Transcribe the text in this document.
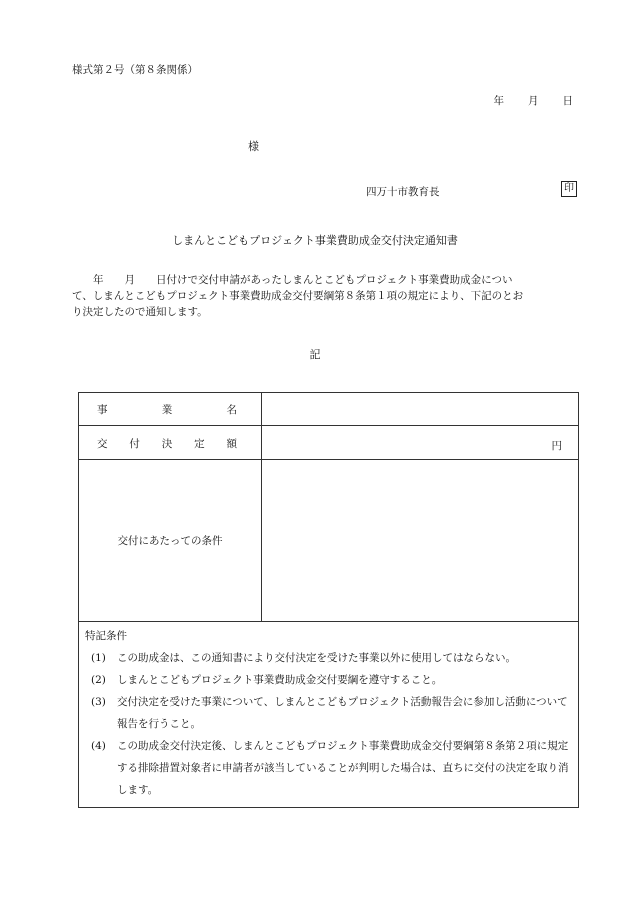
様式第２号（第８条関係）
年 月 日
様
四万十市教育長	印
しまんとこどもプロジェクト事業費助成金交付決定通知書

　　年　　月　　日付けで交付申請があったしまんとこどもプロジェクト事業費助成金につい

て、しまんとこどもプロジェクト事業費助成金交付要綱第８条第１項の規定により、下記のとお

り決定したので通知します。

記
事	業	名
交 付 決 定 額	円
交付にあたっての条件
特記条件
(1)	この助成金は、この通知書により交付決定を受けた事業以外に使用してはならない。
(2)	しまんとこどもプロジェクト事業費助成金交付要綱を遵守すること。
(3)	交付決定を受けた事業について、しまんとこどもプロジェクト活動報告会に参加し活動について報告を行うこと。
(4)	この助成金交付決定後、しまんとこどもプロジェクト事業費助成金交付要綱第８条第２項に規定する排除措置対象者に申請者が該当していることが判明した場合は、直ちに交付の決定を取り消します。
